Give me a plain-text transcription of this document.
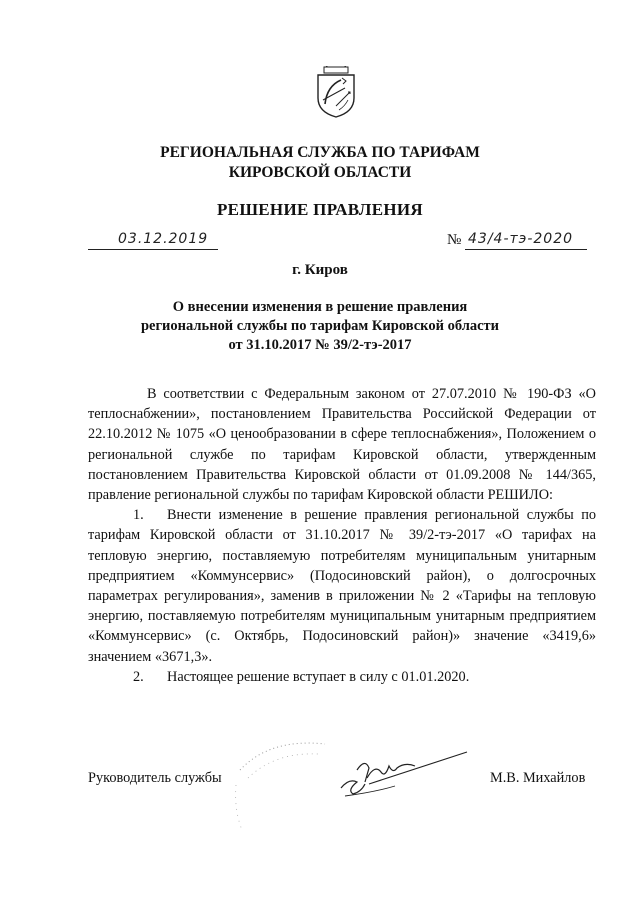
РЕГИОНАЛЬНАЯ СЛУЖБА ПО ТАРИФАМ
КИРОВСКОЙ ОБЛАСТИ
РЕШЕНИЕ ПРАВЛЕНИЯ
03.12.2019	№ 43/4-тэ-2020
г. Киров
О внесении изменения в решение правления
региональной службы по тарифам Кировской области
от 31.10.2017 № 39/2-тэ-2017

В соответствии с Федеральным законом от 27.07.2010 № 190-ФЗ «О теплоснабжении», постановлением Правительства Российской Федерации от 22.10.2012 № 1075 «О ценообразовании в сфере теплоснабжения», Положением о региональной службе по тарифам Кировской области, утвержденным постановлением Правительства Кировской области от 01.09.2008 № 144/365, правление региональной службы по тарифам Кировской области РЕШИЛО:

1. Внести изменение в решение правления региональной службы по тарифам Кировской области от 31.10.2017 № 39/2-тэ-2017 «О тарифах на тепловую энергию, поставляемую потребителям муниципальным унитарным предприятием «Коммунсервис» (Подосиновский район), о долгосрочных параметрах регулирования», заменив в приложении № 2 «Тарифы на тепловую энергию, поставляемую потребителям муниципальным унитарным предприятием «Коммунсервис» (с. Октябрь, Подосиновский район)» значение «3419,6» значением «3671,3».

2. Настоящее решение вступает в силу с 01.01.2020.

Руководитель службы	М.В. Михайлов
